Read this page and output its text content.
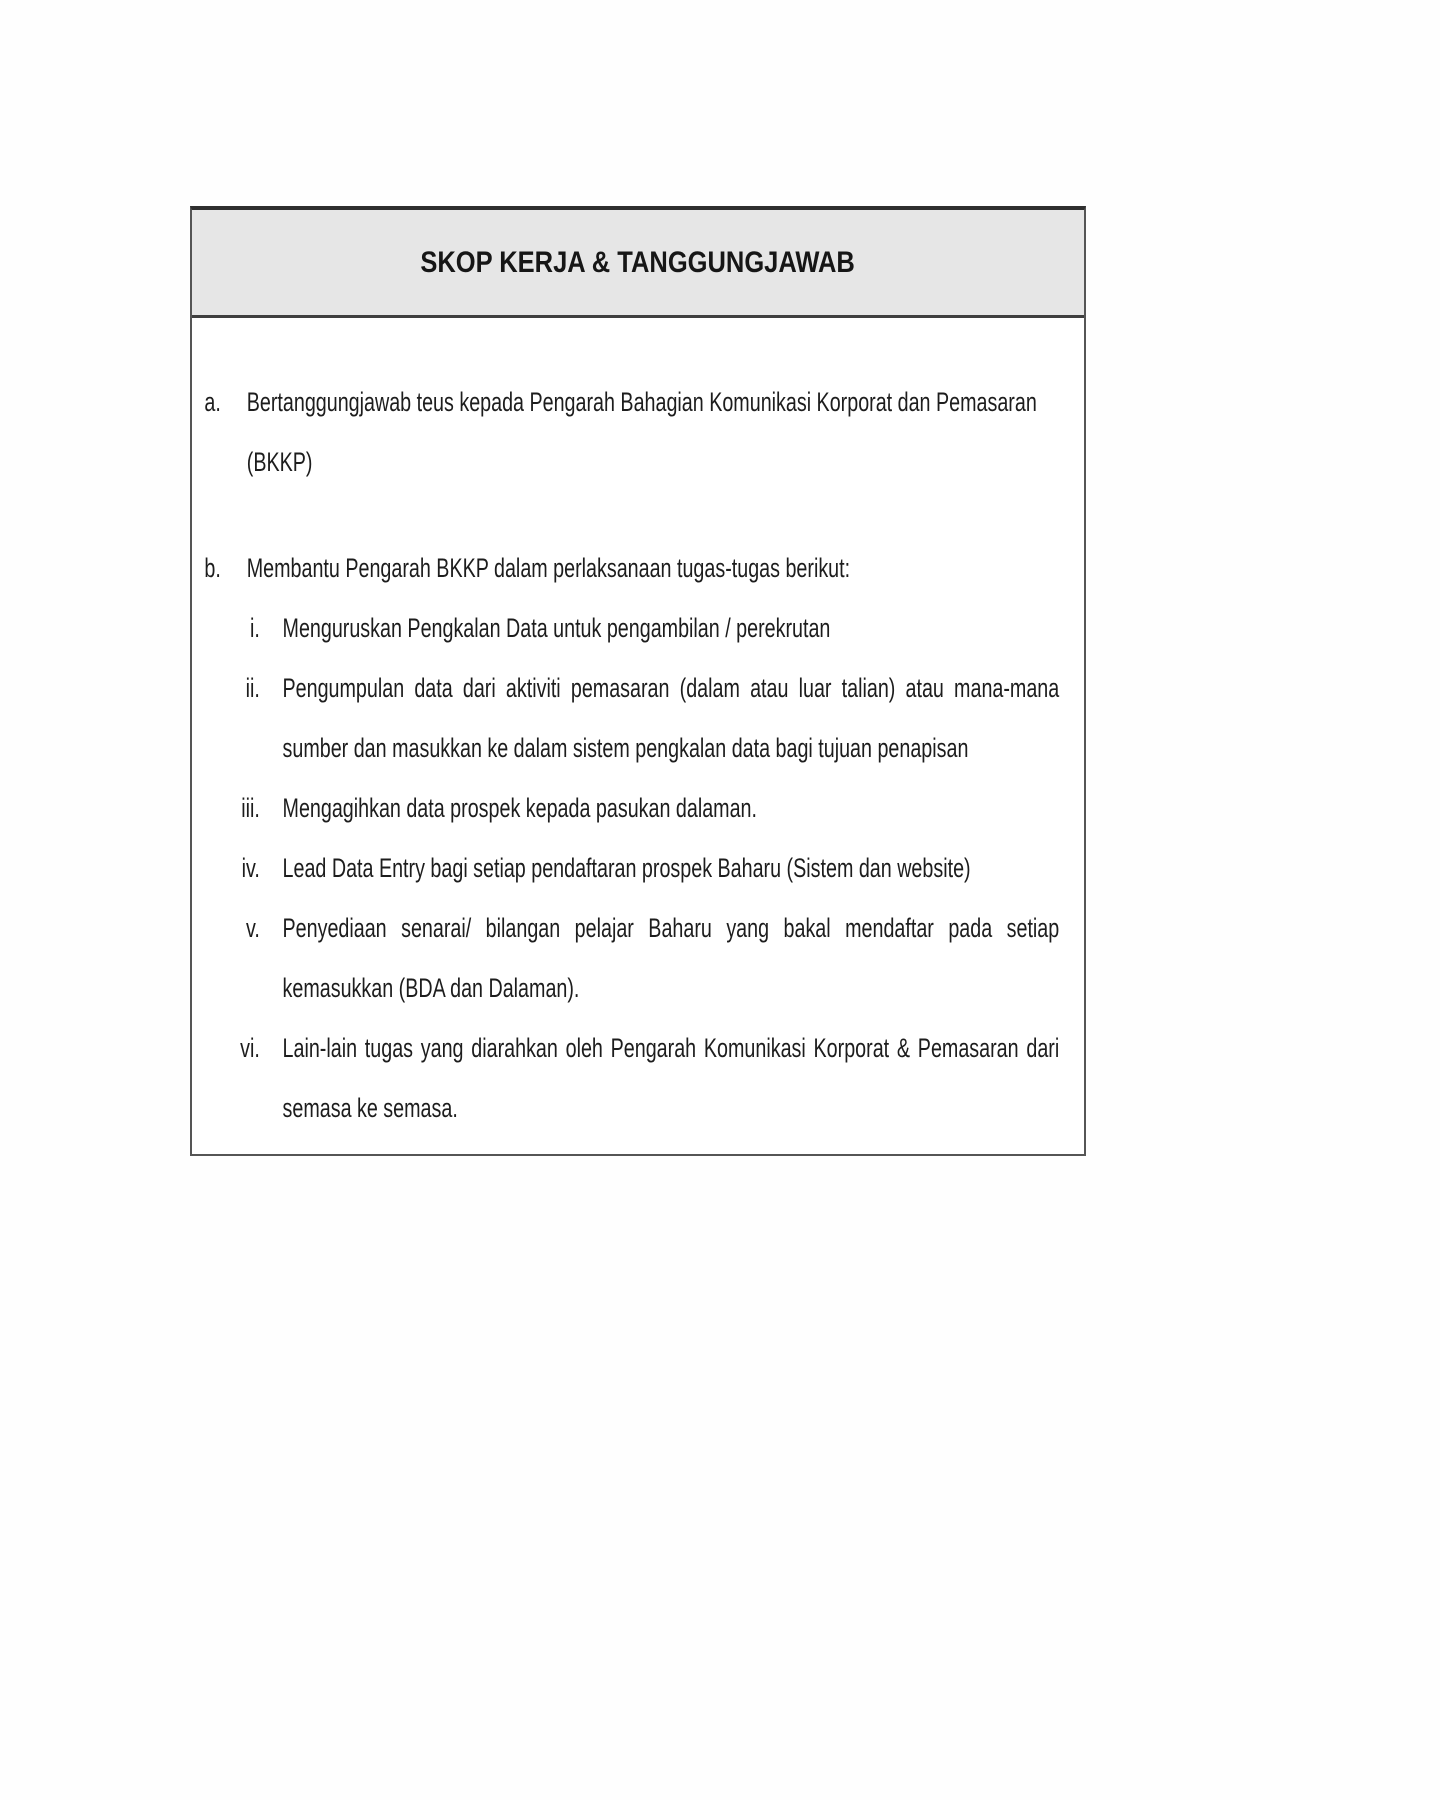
SKOP KERJA & TANGGUNGJAWAB
a. Bertanggungjawab teus kepada Pengarah Bahagian Komunikasi Korporat dan Pemasaran
(BKKP)
b. Membantu Pengarah BKKP dalam perlaksanaan tugas-tugas berikut:
i. Menguruskan Pengkalan Data untuk pengambilan / perekrutan
ii. Pengumpulan data dari aktiviti pemasaran (dalam atau luar talian) atau mana-mana
sumber dan masukkan ke dalam sistem pengkalan data bagi tujuan penapisan
iii. Mengagihkan data prospek kepada pasukan dalaman.
iv. Lead Data Entry bagi setiap pendaftaran prospek Baharu (Sistem dan website)
v. Penyediaan senarai/ bilangan pelajar Baharu yang bakal mendaftar pada setiap
kemasukkan (BDA dan Dalaman).
vi. Lain-lain tugas yang diarahkan oleh Pengarah Komunikasi Korporat & Pemasaran dari
semasa ke semasa.
